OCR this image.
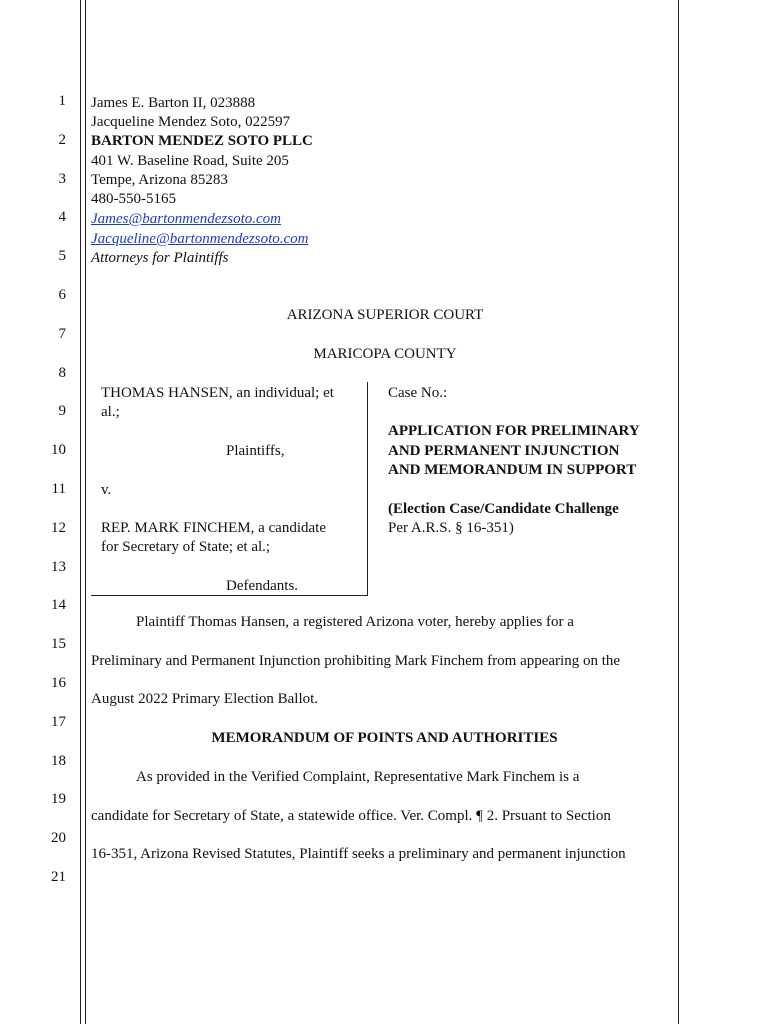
1
2
3
4
5
6
7
8
9
10
11
12
13
14
15
16
17
18
19
20
21
James E. Barton II, 023888
Jacqueline Mendez Soto, 022597
BARTON MENDEZ SOTO PLLC
401 W. Baseline Road, Suite 205
Tempe, Arizona 85283
480-550-5165
James@bartonmendezsoto.com
Jacqueline@bartonmendezsoto.com
Attorneys for Plaintiffs
ARIZONA SUPERIOR COURT
MARICOPA COUNTY
THOMAS HANSEN, an individual; et
al.;
Plaintiffs,
v.
REP. MARK FINCHEM, a candidate
for Secretary of State; et al.;
Defendants.
Case No.:
APPLICATION FOR PRELIMINARY
AND PERMANENT INJUNCTION
AND MEMORANDUM IN SUPPORT
(Election Case/Candidate Challenge
Per A.R.S. § 16-351)
Plaintiff Thomas Hansen, a registered Arizona voter, hereby applies for a
Preliminary and Permanent Injunction prohibiting Mark Finchem from appearing on the
August 2022 Primary Election Ballot.
MEMORANDUM OF POINTS AND AUTHORITIES
As provided in the Verified Complaint, Representative Mark Finchem is a
candidate for Secretary of State, a statewide office. Ver. Compl. ¶ 2. Prsuant to Section
16-351, Arizona Revised Statutes, Plaintiff seeks a preliminary and permanent injunction
